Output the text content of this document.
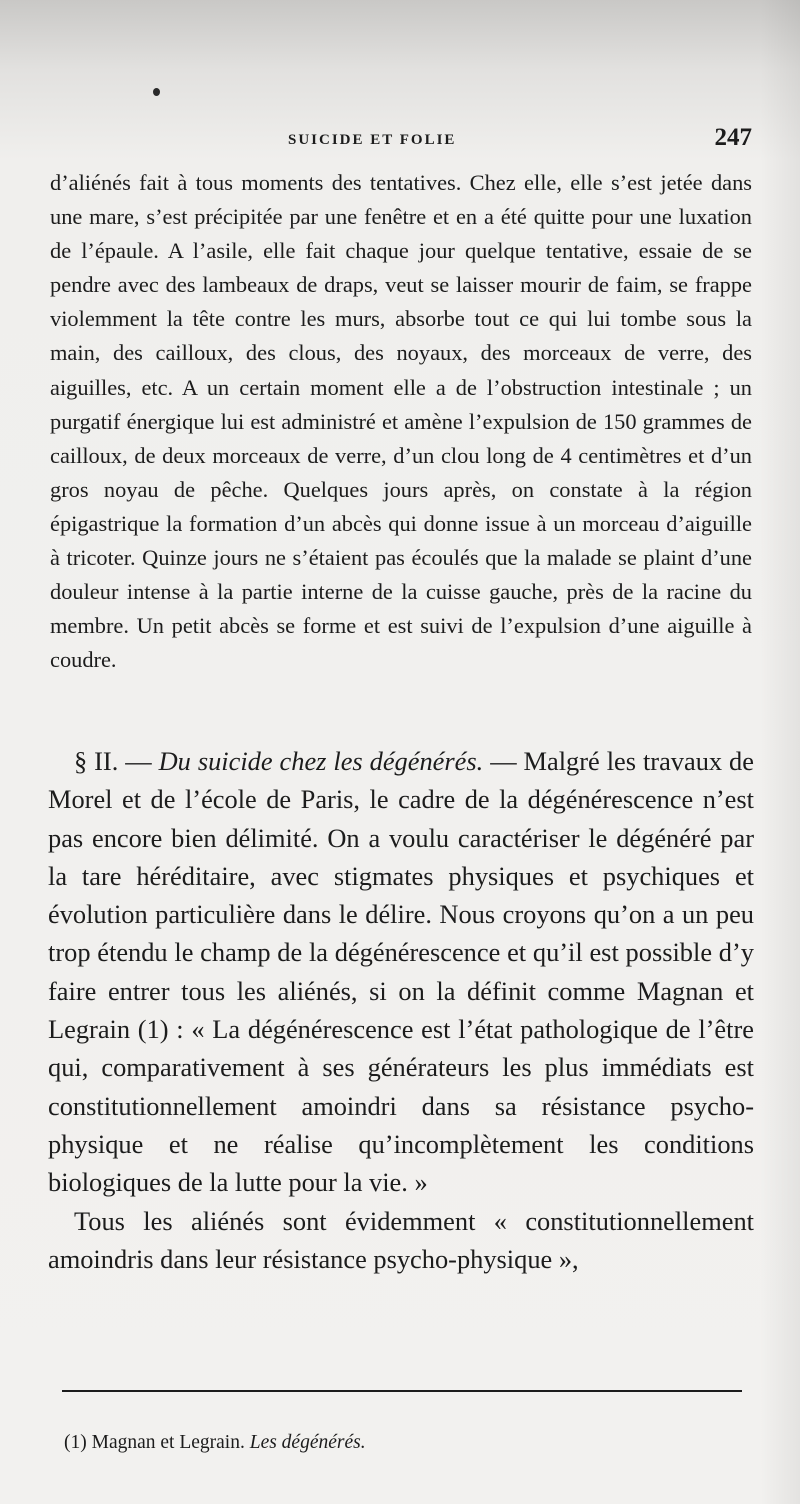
SUICIDE ET FOLIE	247

d’aliénés fait à tous moments des tentatives. Chez elle, elle s’est jetée dans une mare, s’est précipitée par une fenêtre et en a été quitte pour une luxation de l’épaule. A l’asile, elle fait chaque jour quelque tentative, essaie de se pendre avec des lambeaux de draps, veut se laisser mourir de faim, se frappe violemment la tête contre les murs, absorbe tout ce qui lui tombe sous la main, des cailloux, des clous, des noyaux, des morceaux de verre, des aiguilles, etc. A un certain moment elle a de l’obstruction intestinale ; un purgatif énergique lui est administré et amène l’expulsion de 150 grammes de cailloux, de deux morceaux de verre, d’un clou long de 4 centimètres et d’un gros noyau de pêche. Quelques jours après, on constate à la région épigastrique la formation d’un abcès qui donne issue à un morceau d’aiguille à tricoter. Quinze jours ne s’étaient pas écoulés que la malade se plaint d’une douleur intense à la partie interne de la cuisse gauche, près de la racine du membre. Un petit abcès se forme et est suivi de l’expulsion d’une aiguille à coudre.

§ II. — Du suicide chez les dégénérés. — Malgré les travaux de Morel et de l’école de Paris, le cadre de la dégénérescence n’est pas encore bien délimité. On a voulu caractériser le dégénéré par la tare héréditaire, avec stigmates physiques et psychiques et évolution particulière dans le délire. Nous croyons qu’on a un peu trop étendu le champ de la dégénérescence et qu’il est possible d’y faire entrer tous les aliénés, si on la définit comme Magnan et Legrain (1) : « La dégénérescence est l’état pathologique de l’être qui, comparativement à ses générateurs les plus immédiats est constitutionnellement amoindri dans sa résistance psycho-physique et ne réalise qu’incomplètement les conditions biologiques de la lutte pour la vie. »

Tous les aliénés sont évidemment « constitutionnellement amoindris dans leur résistance psycho-physique »,

(1) Magnan et Legrain. Les dégénérés.
